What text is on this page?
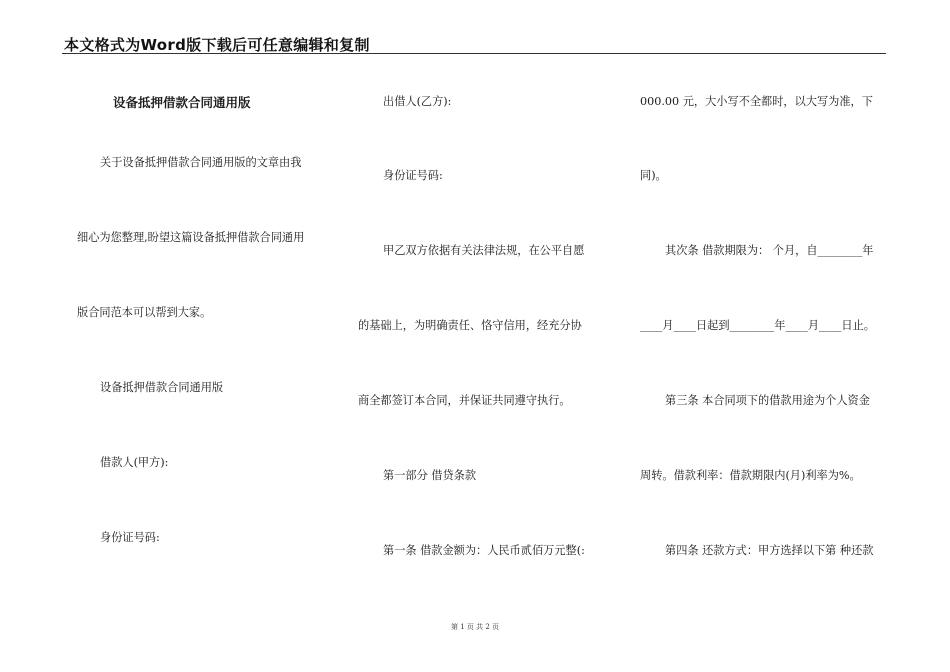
本文格式为Word版下载后可任意编辑和复制
设备抵押借款合同通用版
关于设备抵押借款合同通用版的文章由我
细心为您整理,盼望这篇设备抵押借款合同通用
版合同范本可以帮到大家。
设备抵押借款合同通用版
借款人(甲方):
身份证号码:
出借人(乙方):
身份证号码:
甲乙双方依据有关法律法规，在公平自愿
的基础上，为明确责任、恪守信用，经充分协
商全都签订本合同，并保证共同遵守执行。
第一部分 借贷条款
第一条 借款金额为：人民币贰佰万元整(:
000.00 元，大小写不全都时，以大写为准，下
同)。
其次条 借款期限为： 个月，自________年
____月____日起到________年____月____日止。
第三条 本合同项下的借款用途为个人资金
周转。借款利率：借款期限内(月)利率为%。
第四条 还款方式：甲方选择以下第 种还款
第 1 页 共 2 页
